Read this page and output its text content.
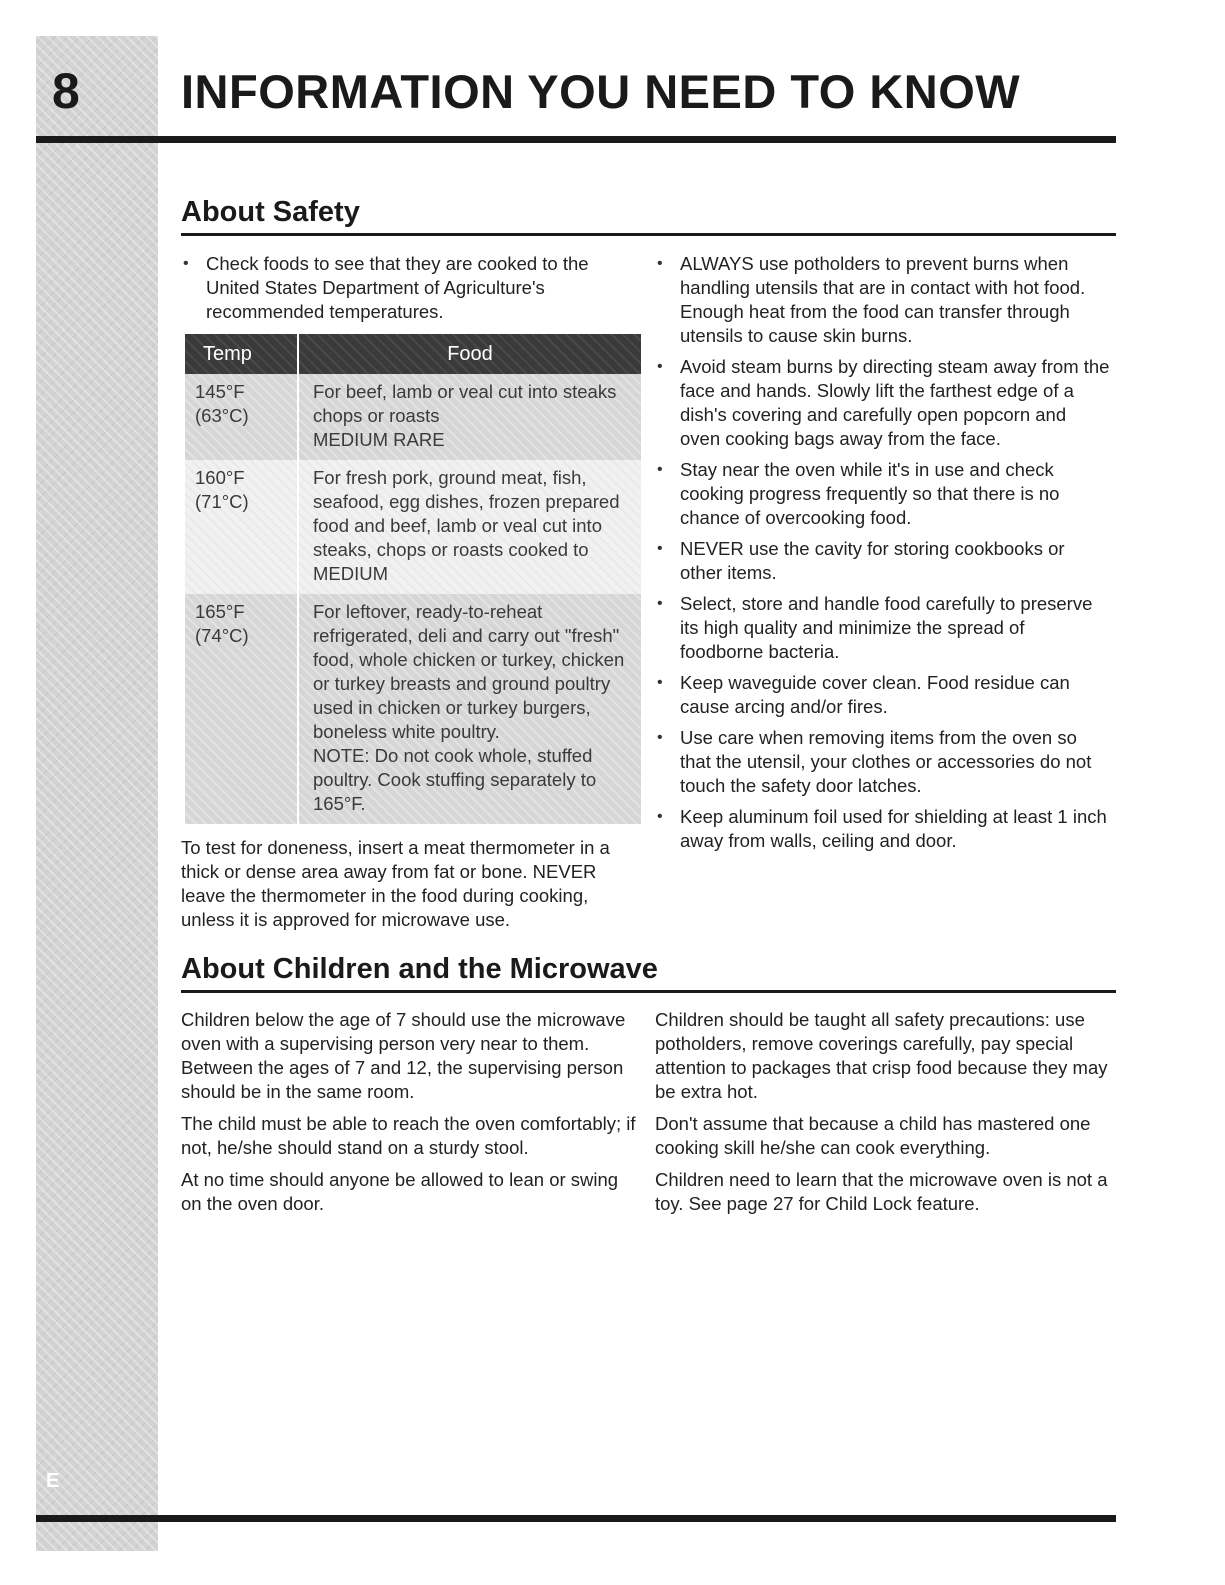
8 INFORMATION YOU NEED TO KNOW
About Safety
• Check foods to see that they are cooked to the United States Department of Agriculture's recommended temperatures.
Temp	Food

145°F
(63°C)	For beef, lamb or veal cut into steaks chops or roasts
MEDIUM RARE

160°F
(71°C)	For fresh pork, ground meat, fish, seafood, egg dishes, frozen prepared food and beef, lamb or veal cut into steaks, chops or roasts cooked to
MEDIUM

165°F
(74°C)	For leftover, ready-to-reheat refrigerated, deli and carry out "fresh" food, whole chicken or turkey, chicken or turkey breasts and ground poultry used in chicken or turkey burgers, boneless white poultry.
NOTE: Do not cook whole, stuffed poultry. Cook stuffing separately to 165°F.

To test for doneness, insert a meat thermometer in a thick or dense area away from fat or bone. NEVER leave the thermometer in the food during cooking, unless it is approved for microwave use.

• ALWAYS use potholders to prevent burns when handling utensils that are in contact with hot food. Enough heat from the food can transfer through utensils to cause skin burns.
• Avoid steam burns by directing steam away from the face and hands. Slowly lift the farthest edge of a dish's covering and carefully open popcorn and oven cooking bags away from the face.
• Stay near the oven while it's in use and check cooking progress frequently so that there is no chance of overcooking food.
• NEVER use the cavity for storing cookbooks or other items.
• Select, store and handle food carefully to preserve its high quality and minimize the spread of foodborne bacteria.
• Keep waveguide cover clean. Food residue can cause arcing and/or fires.
• Use care when removing items from the oven so that the utensil, your clothes or accessories do not touch the safety door latches.
• Keep aluminum foil used for shielding at least 1 inch away from walls, ceiling and door.
About Children and the Microwave

Children below the age of 7 should use the microwave oven with a supervising person very near to them. Between the ages of 7 and 12, the supervising person should be in the same room.

The child must be able to reach the oven comfortably; if not, he/she should stand on a sturdy stool.

At no time should anyone be allowed to lean or swing on the oven door.

Children should be taught all safety precautions: use potholders, remove coverings carefully, pay special attention to packages that crisp food because they may be extra hot.

Don't assume that because a child has mastered one cooking skill he/she can cook everything.

Children need to learn that the microwave oven is not a toy. See page 27 for Child Lock feature.

E
